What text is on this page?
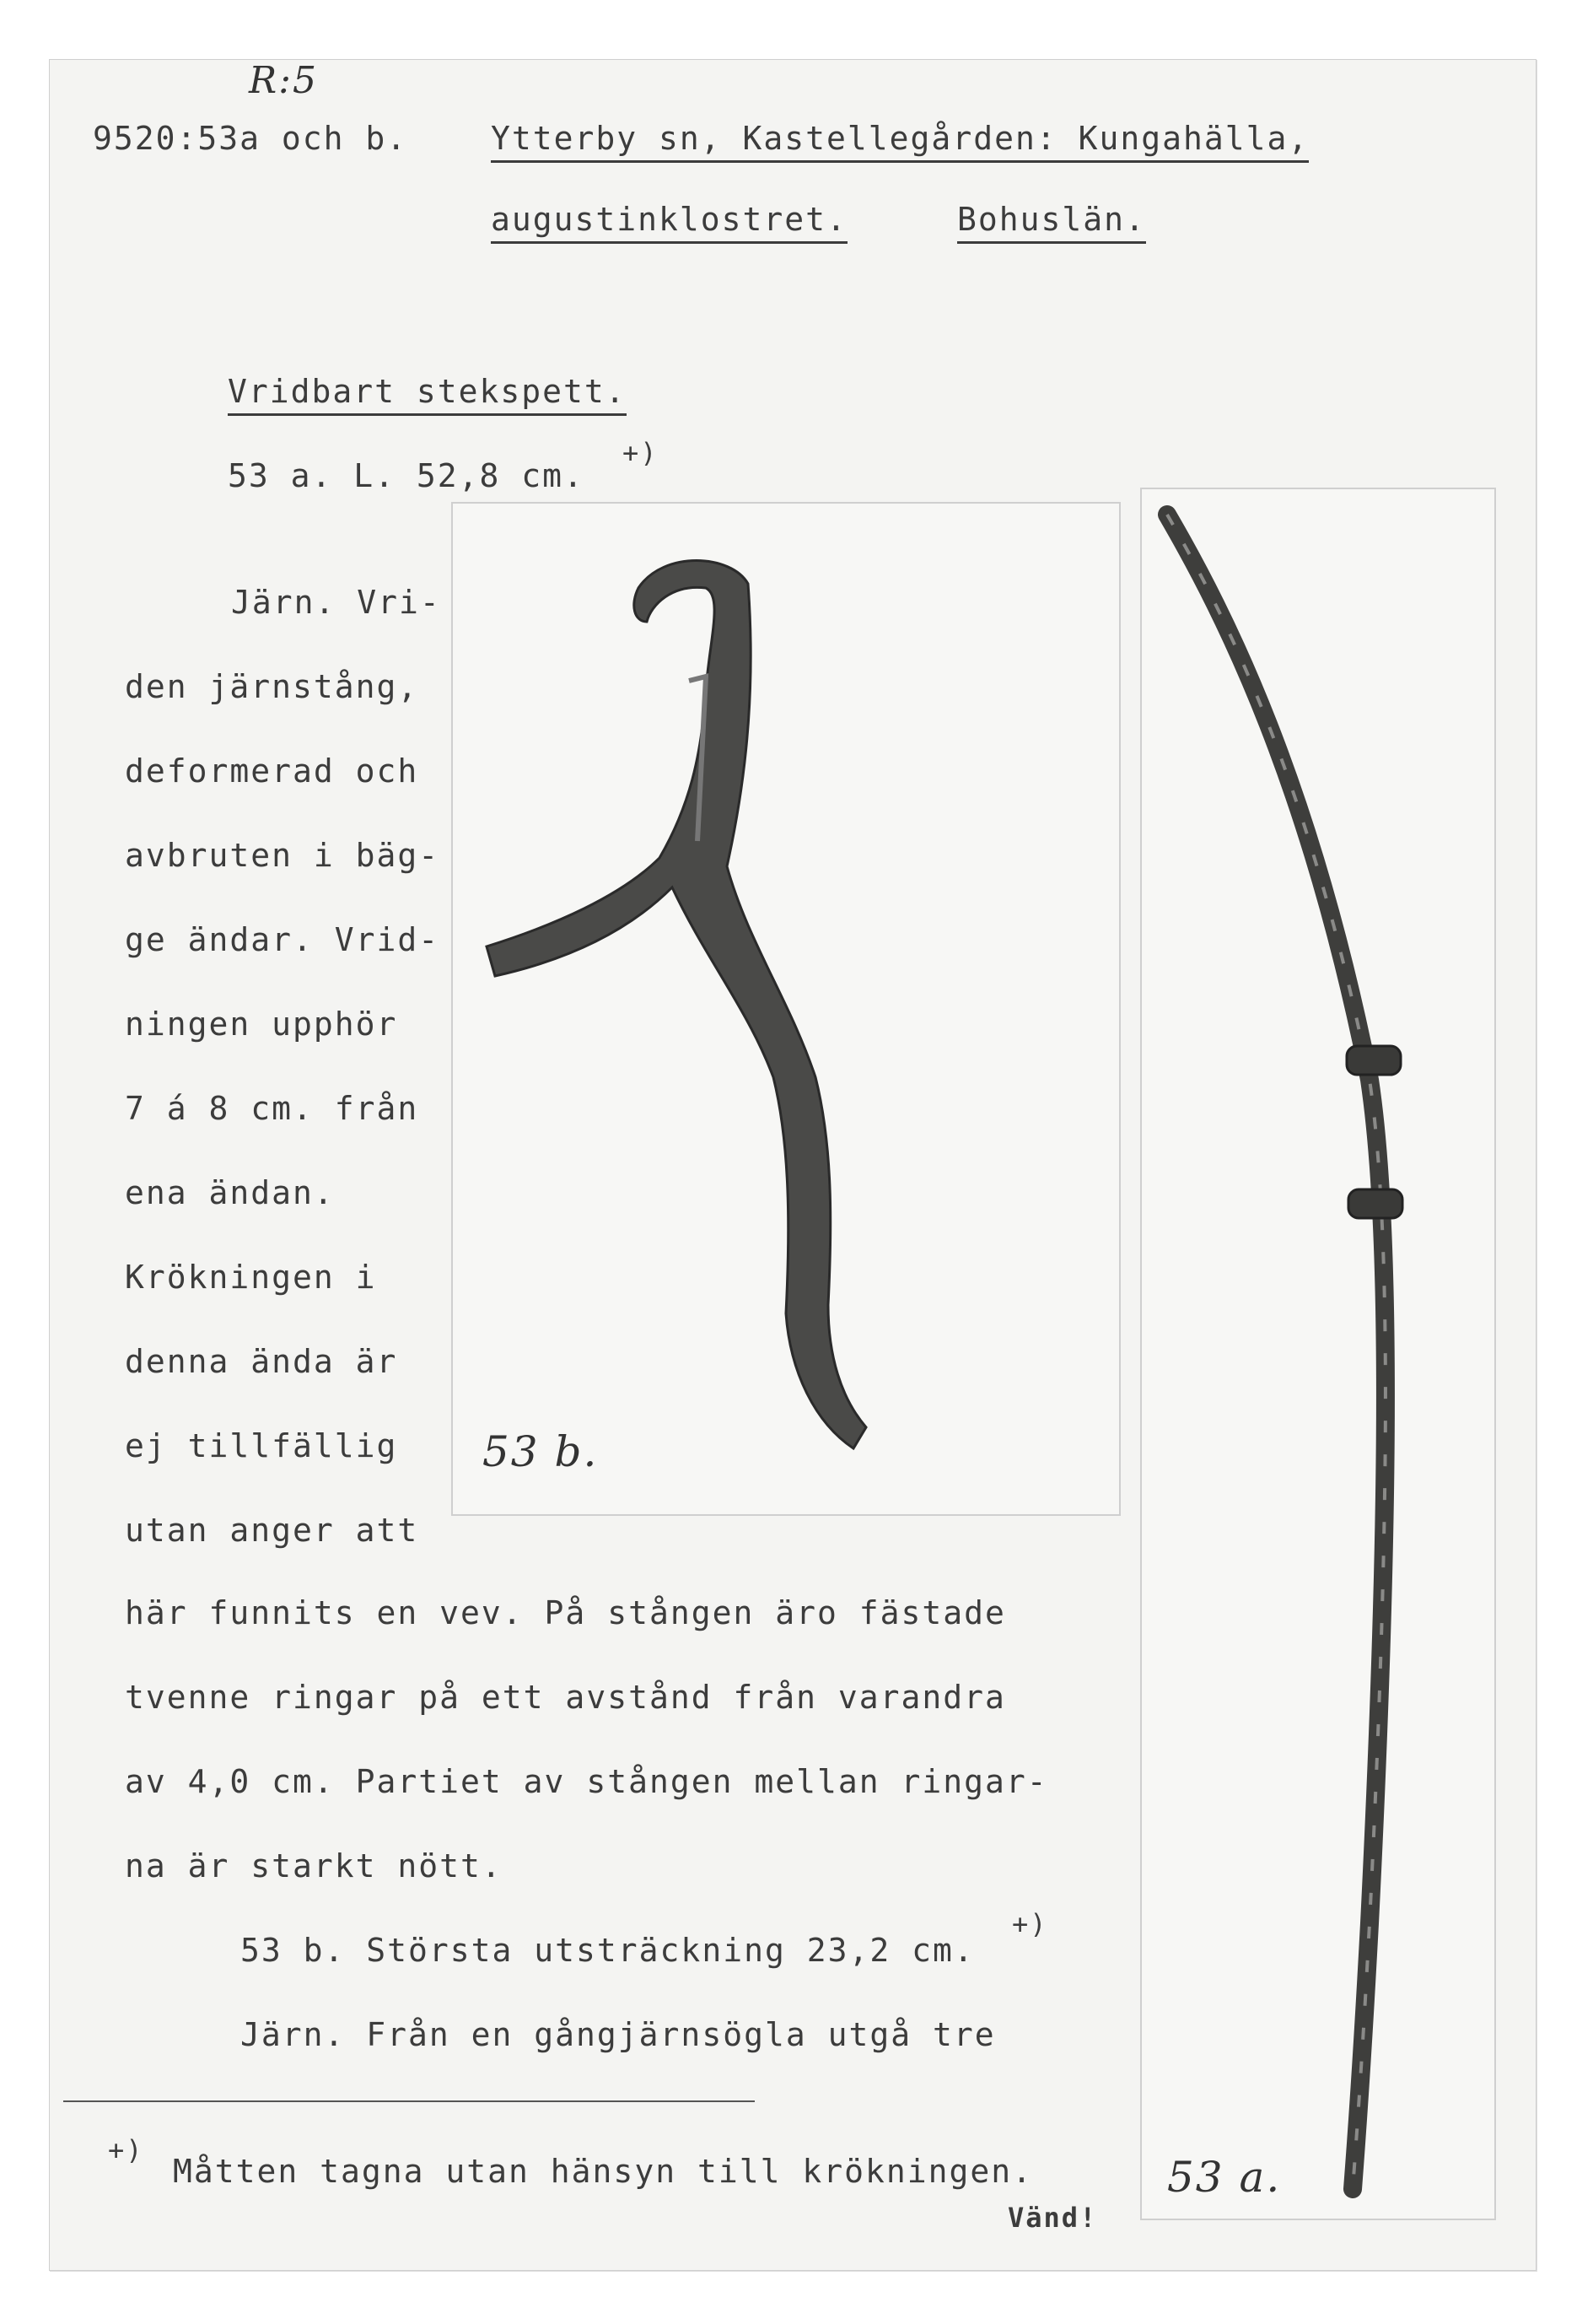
R:5
9520:53a och b.	Ytterby sn, Kastellegården: Kungahälla,
augustinklostret.	Bohuslän.
Vridbart stekspett.
53 a. L. 52,8 cm.
+)
Järn. Vri-
den järnstång,
deformerad och
avbruten i bäg-
ge ändar. Vrid-
ningen upphör
7 á 8 cm. från
ena ändan.
Krökningen i
denna ända är
ej tillfällig
utan anger att
här funnits en vev. På stången äro fästade
tvenne ringar på ett avstånd från varandra
av 4,0 cm. Partiet av stången mellan ringar-
na är starkt nött.
53 b. Största utsträckning 23,2 cm.
+)
Järn. Från en gångjärnsögla utgå tre
+)
Måtten tagna utan hänsyn till krökningen.
Vänd!
53 b.
53 a.
